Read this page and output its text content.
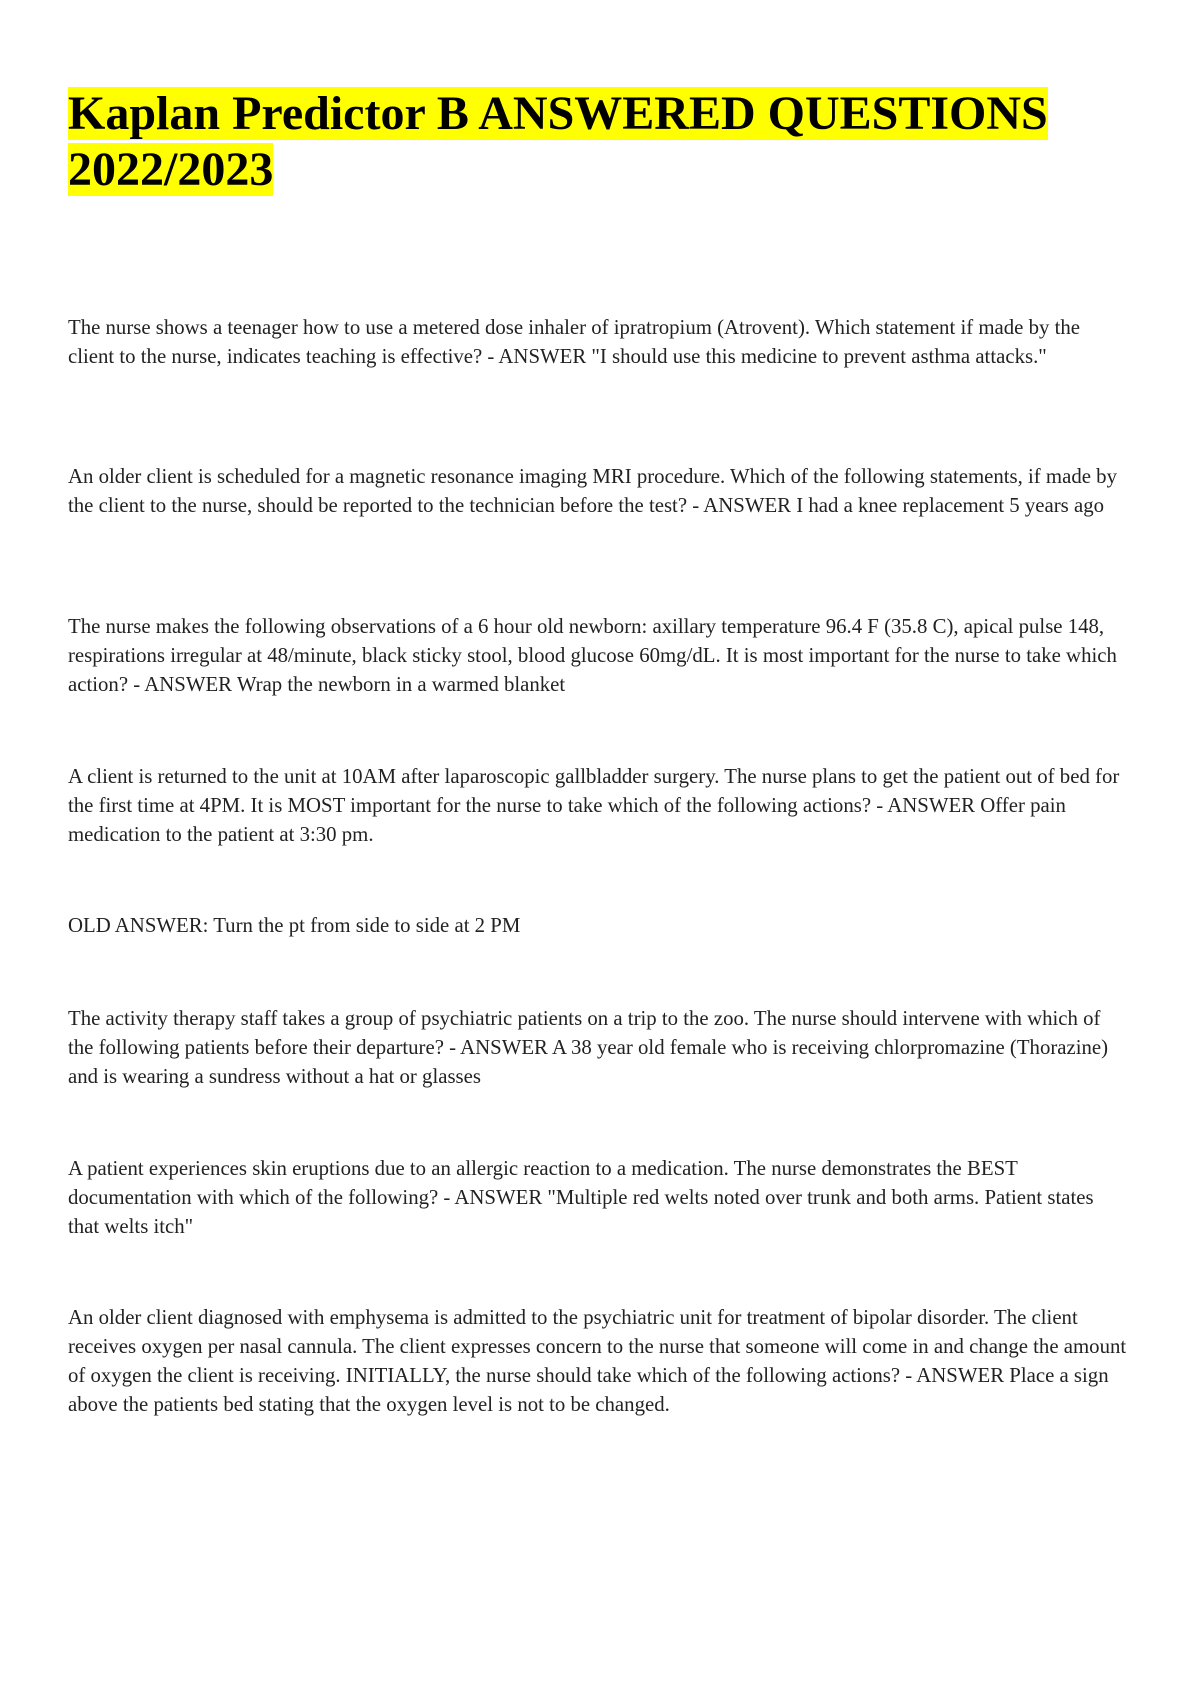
Kaplan Predictor B ANSWERED QUESTIONS 2022/2023

The nurse shows a teenager how to use a metered dose inhaler of ipratropium (Atrovent). Which statement if made by the client to the nurse, indicates teaching is effective? - ANSWER "I should use this medicine to prevent asthma attacks."

An older client is scheduled for a magnetic resonance imaging MRI procedure. Which of the following statements, if made by the client to the nurse, should be reported to the technician before the test? - ANSWER I had a knee replacement 5 years ago

The nurse makes the following observations of a 6 hour old newborn: axillary temperature 96.4 F (35.8 C), apical pulse 148, respirations irregular at 48/minute, black sticky stool, blood glucose 60mg/dL. It is most important for the nurse to take which action? - ANSWER Wrap the newborn in a warmed blanket

A client is returned to the unit at 10AM after laparoscopic gallbladder surgery. The nurse plans to get the patient out of bed for the first time at 4PM. It is MOST important for the nurse to take which of the following actions? - ANSWER Offer pain medication to the patient at 3:30 pm.

OLD ANSWER: Turn the pt from side to side at 2 PM

The activity therapy staff takes a group of psychiatric patients on a trip to the zoo. The nurse should intervene with which of the following patients before their departure? - ANSWER A 38 year old female who is receiving chlorpromazine (Thorazine) and is wearing a sundress without a hat or glasses

A patient experiences skin eruptions due to an allergic reaction to a medication. The nurse demonstrates the BEST documentation with which of the following? - ANSWER "Multiple red welts noted over trunk and both arms. Patient states that welts itch"

An older client diagnosed with emphysema is admitted to the psychiatric unit for treatment of bipolar disorder. The client receives oxygen per nasal cannula. The client expresses concern to the nurse that someone will come in and change the amount of oxygen the client is receiving. INITIALLY, the nurse should take which of the following actions? - ANSWER Place a sign above the patients bed stating that the oxygen level is not to be changed.
